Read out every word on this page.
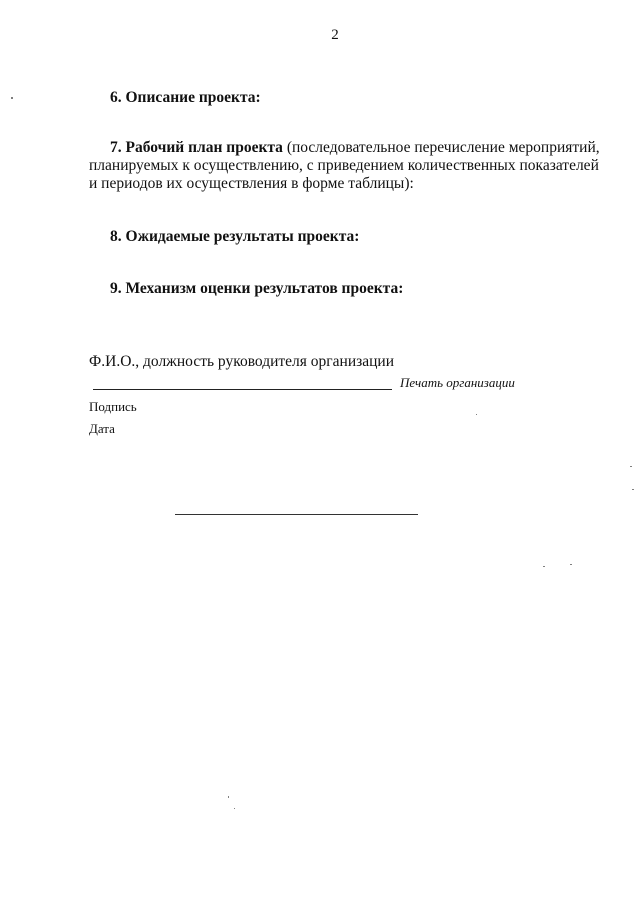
2
6. Описание проекта:
7. Рабочий план проекта (последовательное перечисление мероприятий,
планируемых к осуществлению, с приведением количественных показателей
и периодов их осуществления в форме таблицы):
8. Ожидаемые результаты проекта:
9. Механизм оценки результатов проекта:
Ф.И.О., должность руководителя организации
Печать организации
Подпись
Дата
